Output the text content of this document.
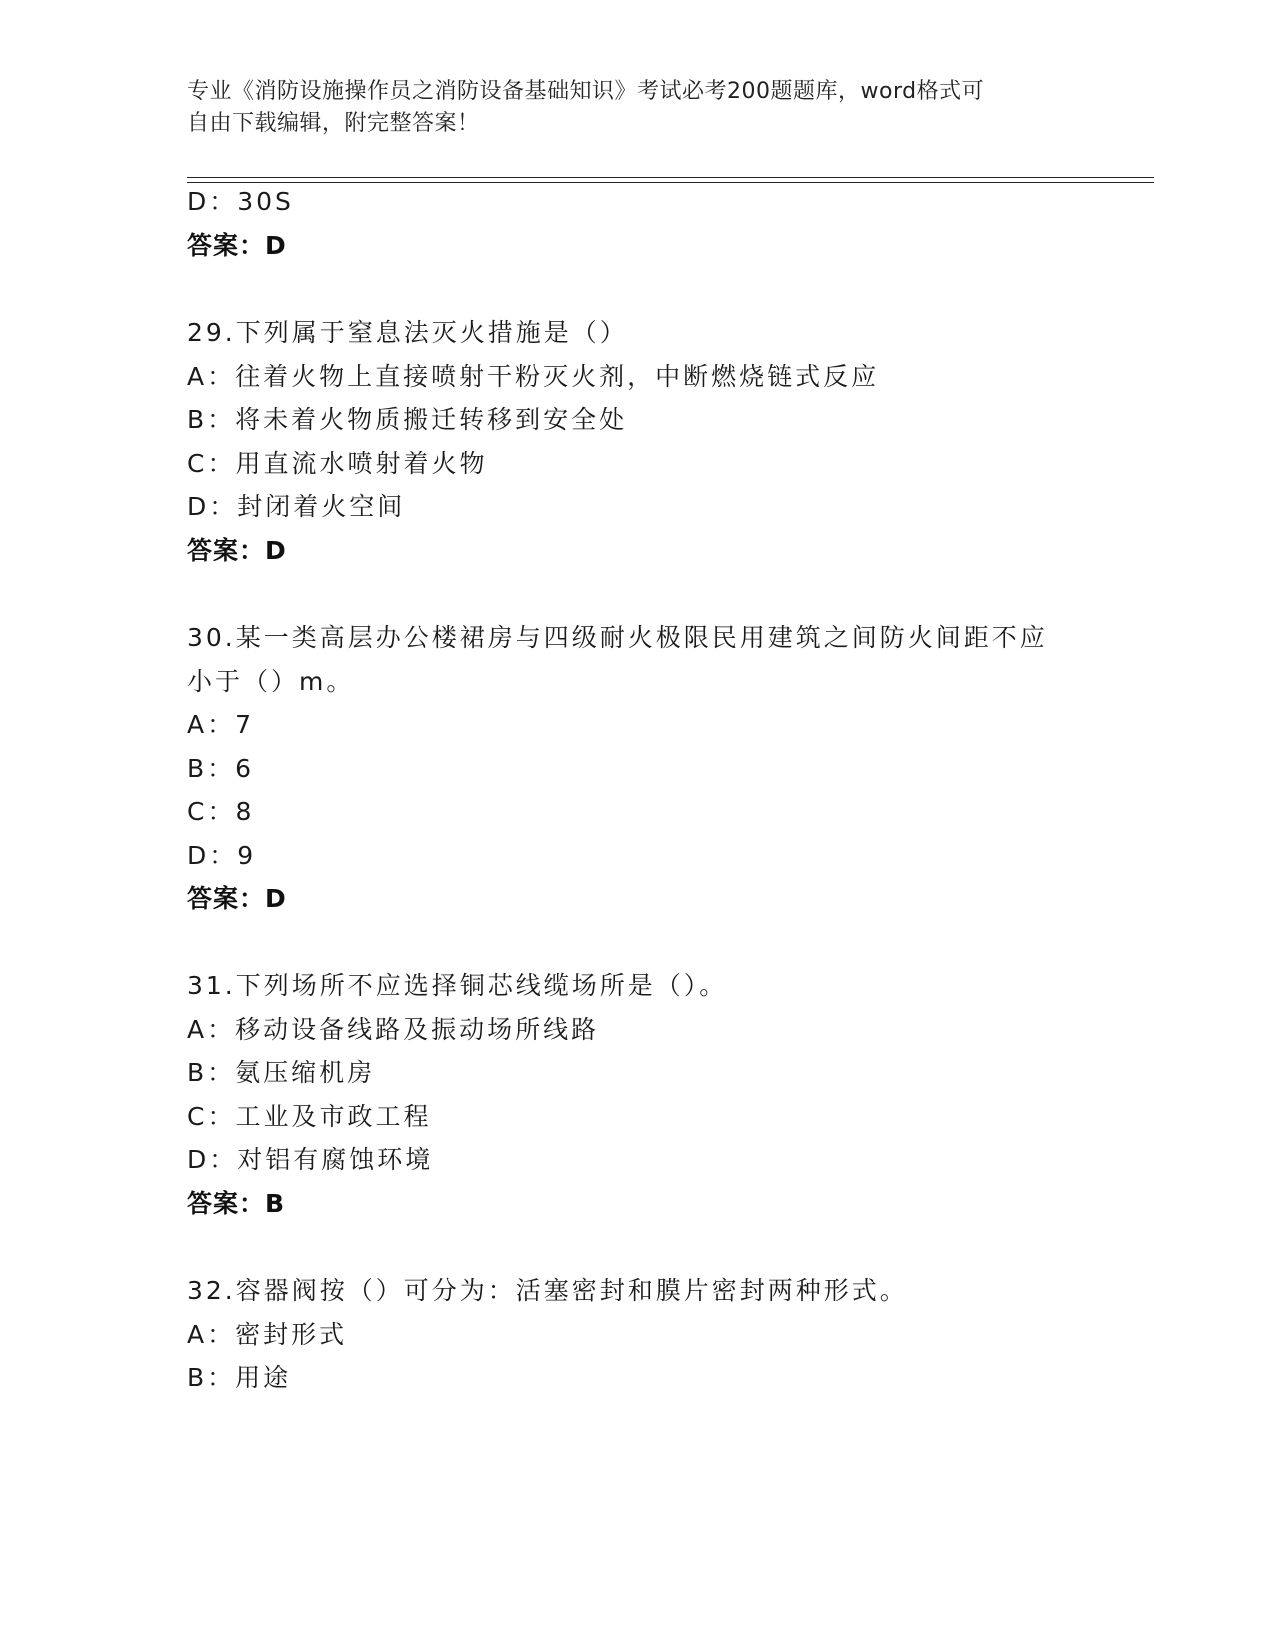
专业《消防设施操作员之消防设备基础知识》考试必考200题题库，word格式可
自由下载编辑，附完整答案！
D：30S
答案：D
29.下列属于窒息法灭火措施是（）
A：往着火物上直接喷射干粉灭火剂，中断燃烧链式反应
B：将未着火物质搬迁转移到安全处
C：用直流水喷射着火物
D：封闭着火空间
答案：D
30.某一类高层办公楼裙房与四级耐火极限民用建筑之间防火间距不应
小于（）m。
A：7
B：6
C：8
D：9
答案：D
31.下列场所不应选择铜芯线缆场所是（）。
A：移动设备线路及振动场所线路
B：氨压缩机房
C：工业及市政工程
D：对铝有腐蚀环境
答案：B
32.容器阀按（）可分为：活塞密封和膜片密封两种形式。
A：密封形式
B：用途
